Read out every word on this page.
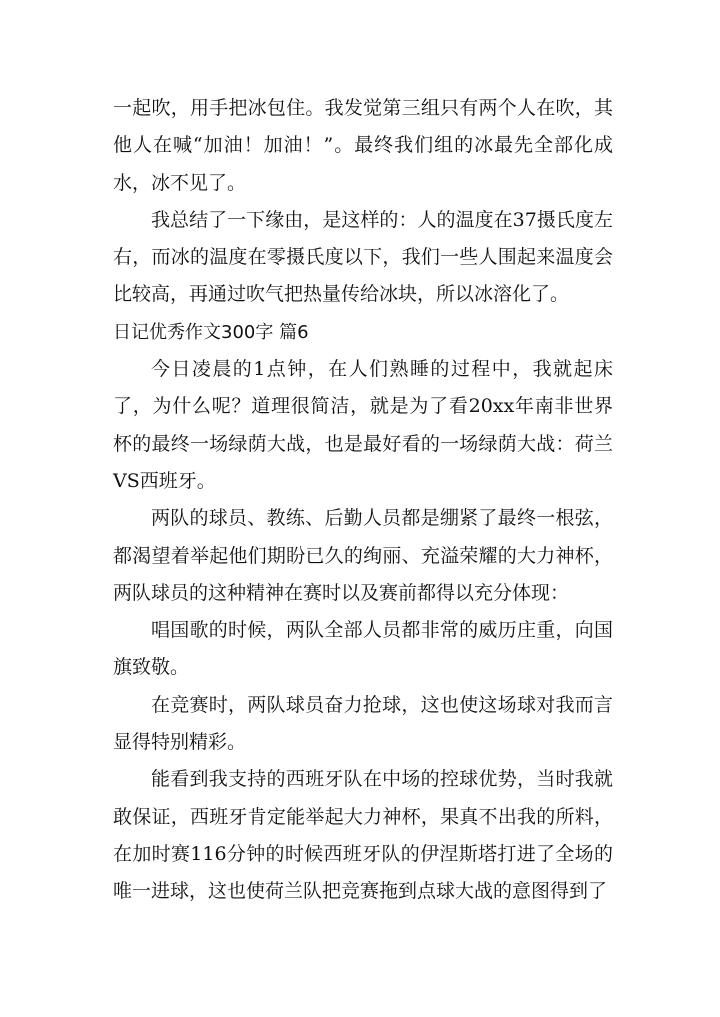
一起吹，用手把冰包住。我发觉第三组只有两个人在吹，其他人在喊“加油！加油！”。最终我们组的冰最先全部化成水，冰不见了。

我总结了一下缘由，是这样的：人的温度在37摄氏度左右，而冰的温度在零摄氏度以下，我们一些人围起来温度会比较高，再通过吹气把热量传给冰块，所以冰溶化了。

日记优秀作文300字 篇6

今日凌晨的1点钟，在人们熟睡的过程中，我就起床了，为什么呢？道理很简洁，就是为了看20xx年南非世界杯的最终一场绿荫大战，也是最好看的一场绿荫大战：荷兰VS西班牙。

两队的球员、教练、后勤人员都是绷紧了最终一根弦，都渴望着举起他们期盼已久的绚丽、充溢荣耀的大力神杯，两队球员的这种精神在赛时以及赛前都得以充分体现：

唱国歌的时候，两队全部人员都非常的威历庄重，向国旗致敬。

在竞赛时，两队球员奋力抢球，这也使这场球对我而言显得特别精彩。

能看到我支持的西班牙队在中场的控球优势，当时我就敢保证，西班牙肯定能举起大力神杯，果真不出我的所料，在加时赛116分钟的时候西班牙队的伊涅斯塔打进了全场的唯一进球，这也使荷兰队把竞赛拖到点球大战的意图得到了
